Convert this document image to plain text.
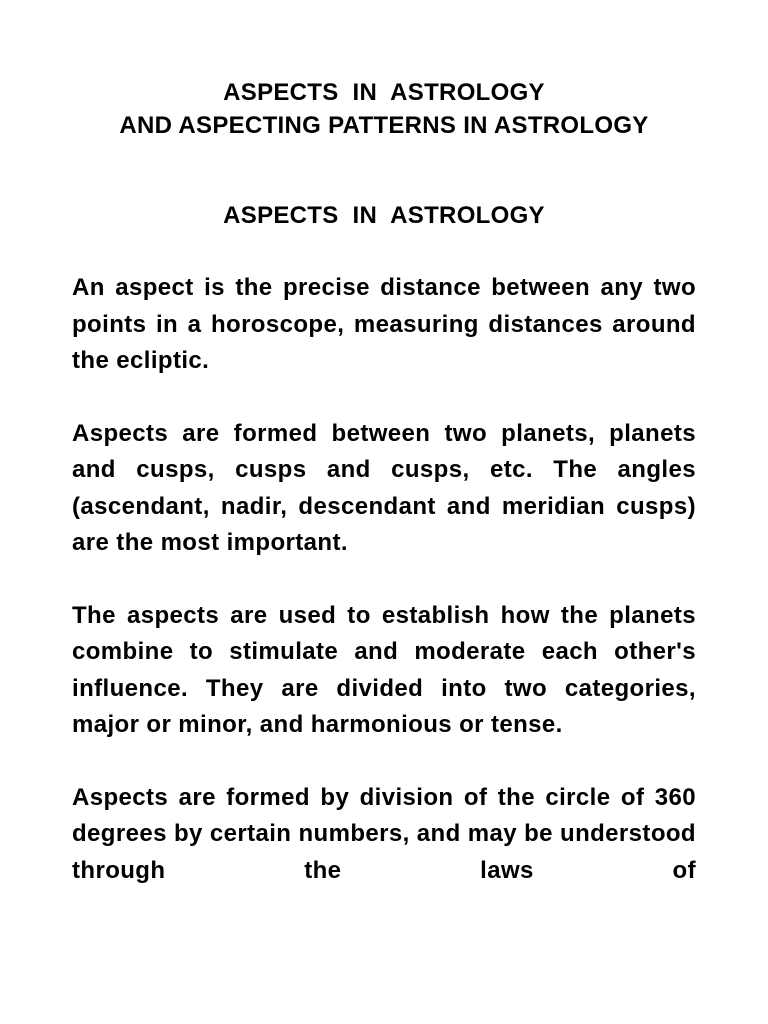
ASPECTS  IN  ASTROLOGY

AND ASPECTING PATTERNS IN ASTROLOGY

ASPECTS  IN  ASTROLOGY

An aspect is the precise distance between any two points in a horoscope, measuring distances around the ecliptic.

Aspects are formed between two planets, planets and cusps, cusps and cusps, etc. The angles (ascendant, nadir, descendant and meridian cusps) are the most important.

The aspects are used to establish how the planets combine to stimulate and moderate each other's influence. They are divided into two categories, major or minor, and harmonious or tense.

Aspects are formed by division of the circle of 360 degrees by certain numbers, and may be understood through the laws of
